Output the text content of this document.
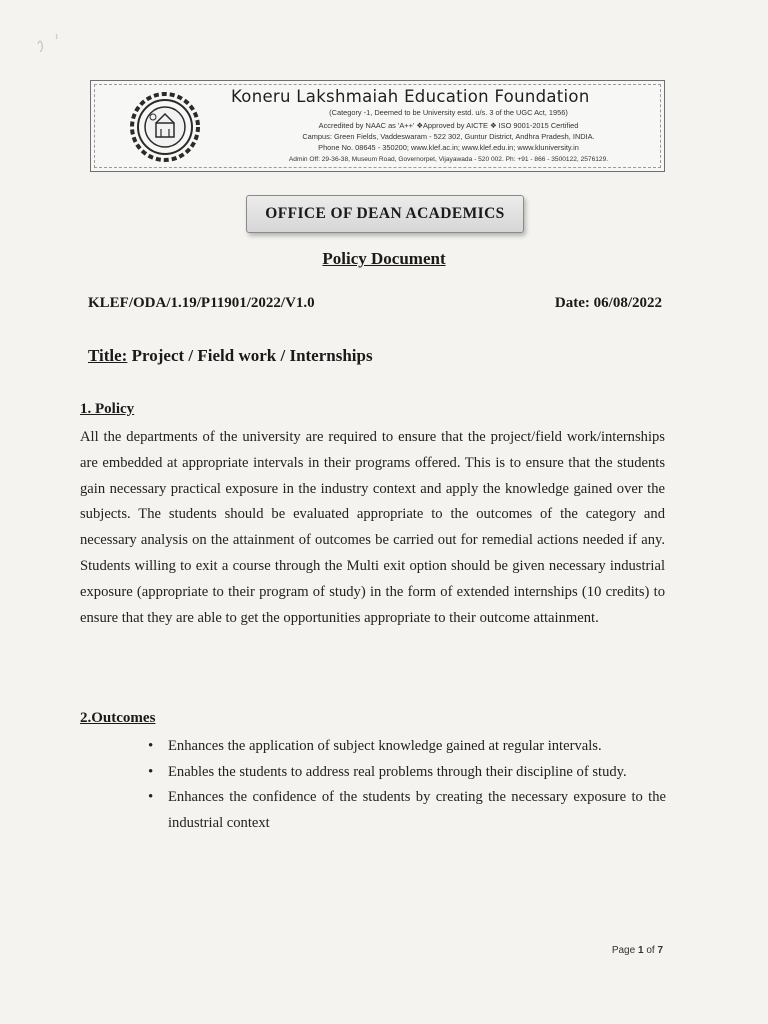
Koneru Lakshmaiah Education Foundation
(Category -1, Deemed to be University estd. u/s. 3 of the UGC Act, 1956)
Accredited by NAAC as 'A++' ❖Approved by AICTE ❖ ISO 9001-2015 Certified
Campus: Green Fields, Vaddeswaram - 522 302, Guntur District, Andhra Pradesh, INDIA.
Phone No. 08645 - 350200; www.klef.ac.in; www.klef.edu.in; www.kluniversity.in
Admin Off: 29-36-38, Museum Road, Governorpet, Vijayawada - 520 002. Ph: +91 - 866 - 3500122, 2576129.
OFFICE OF DEAN ACADEMICS
Policy Document
KLEF/ODA/1.19/P11901/2022/V1.0	Date: 06/08/2022
Title: Project / Field work / Internships
1. Policy
All the departments of the university are required to ensure that the project/field work/internships are embedded at appropriate intervals in their programs offered. This is to ensure that the students gain necessary practical exposure in the industry context and apply the knowledge gained over the subjects. The students should be evaluated appropriate to the outcomes of the category and necessary analysis on the attainment of outcomes be carried out for remedial actions needed if any. Students willing to exit a course through the Multi exit option should be given necessary industrial exposure (appropriate to their program of study) in the form of extended internships (10 credits) to ensure that they are able to get the opportunities appropriate to their outcome attainment.
2.Outcomes
• Enhances the application of subject knowledge gained at regular intervals.
• Enables the students to address real problems through their discipline of study.
• Enhances the confidence of the students by creating the necessary exposure to the industrial context
Page 1 of 7
